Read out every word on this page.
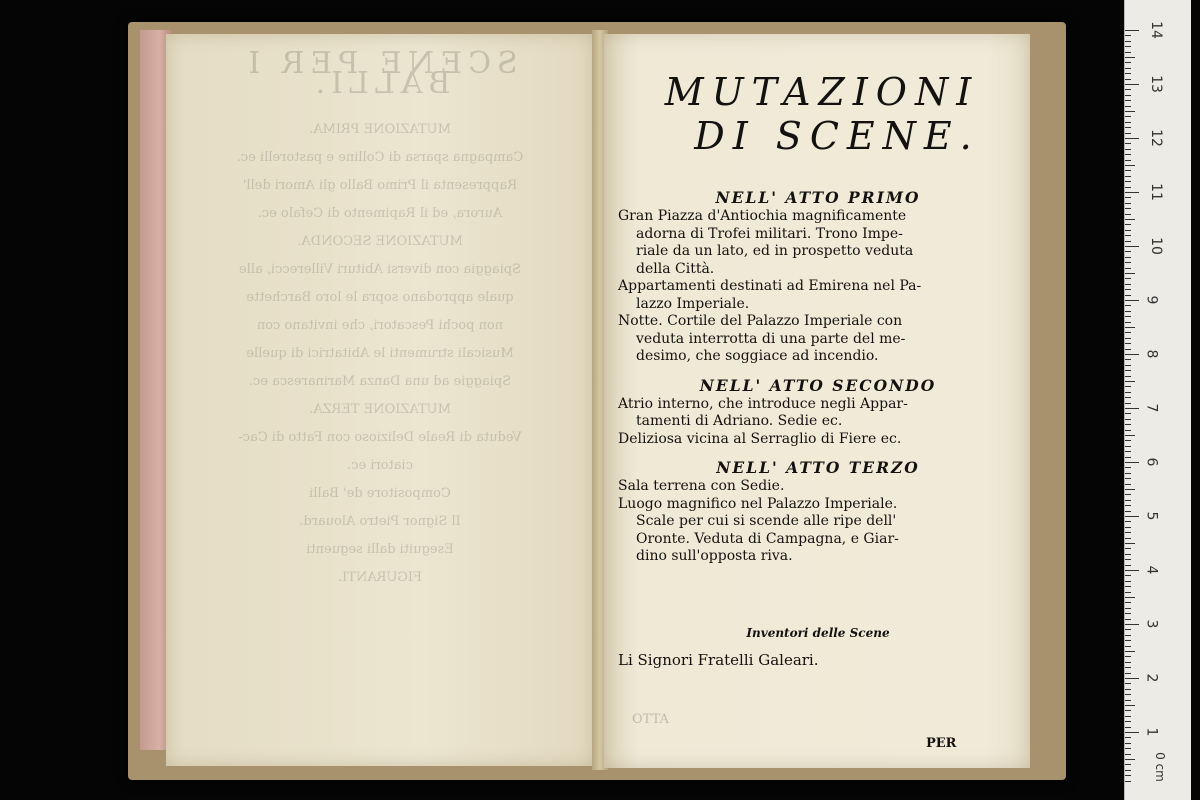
SCENE PER I BALLI.

MUTAZIONE PRIMA.

Campagna sparsa di Colline e pastorelli ec.

Rappresenta il Primo Ballo gli Amori dell'

Aurora, ed il Rapimento di Cefalo ec.

MUTAZIONE SECONDA.

Spiaggia con diversi Abituri Villerecci, alle

quale approdano sopra le loro Barchette

non pochi Pescatori, che invitano con

Musicali strumenti le Abitatrici di quelle

Spiaggie ad una Danza Marinaresca ec.

MUTAZIONE TERZA.

Veduta di Reale Delizioso con Fatto di Cac-

ciatori ec.

Compositore de' Balli

Il Signor Pietro Alouard.

Eseguiti dalli seguenti

FIGURANTI.

MUTAZIONI

DI SCENE.

NELL' ATTO PRIMO

Gran Piazza d'Antiochia magnificamente

adorna di Trofei militari. Trono Impe-

riale da un lato, ed in prospetto veduta

della Città.

Appartamenti destinati ad Emirena nel Pa-

lazzo Imperiale.

Notte. Cortile del Palazzo Imperiale con

veduta interrotta di una parte del me-

desimo, che soggiace ad incendio.

NELL' ATTO SECONDO

Atrio interno, che introduce negli Appar-

tamenti di Adriano. Sedie ec.

Deliziosa vicina al Serraglio di Fiere ec.

NELL' ATTO TERZO

Sala terrena con Sedie.

Luogo magnifico nel Palazzo Imperiale.

Scale per cui si scende alle ripe dell'

Oronte. Veduta di Campagna, e Giar-

dino sull'opposta riva.

Inventori delle Scene

Li Signori Fratelli Galeari.

OTTA
PER
14
13
12
11
10
9
8
7
6
5
4
3
2
1
0 cm
